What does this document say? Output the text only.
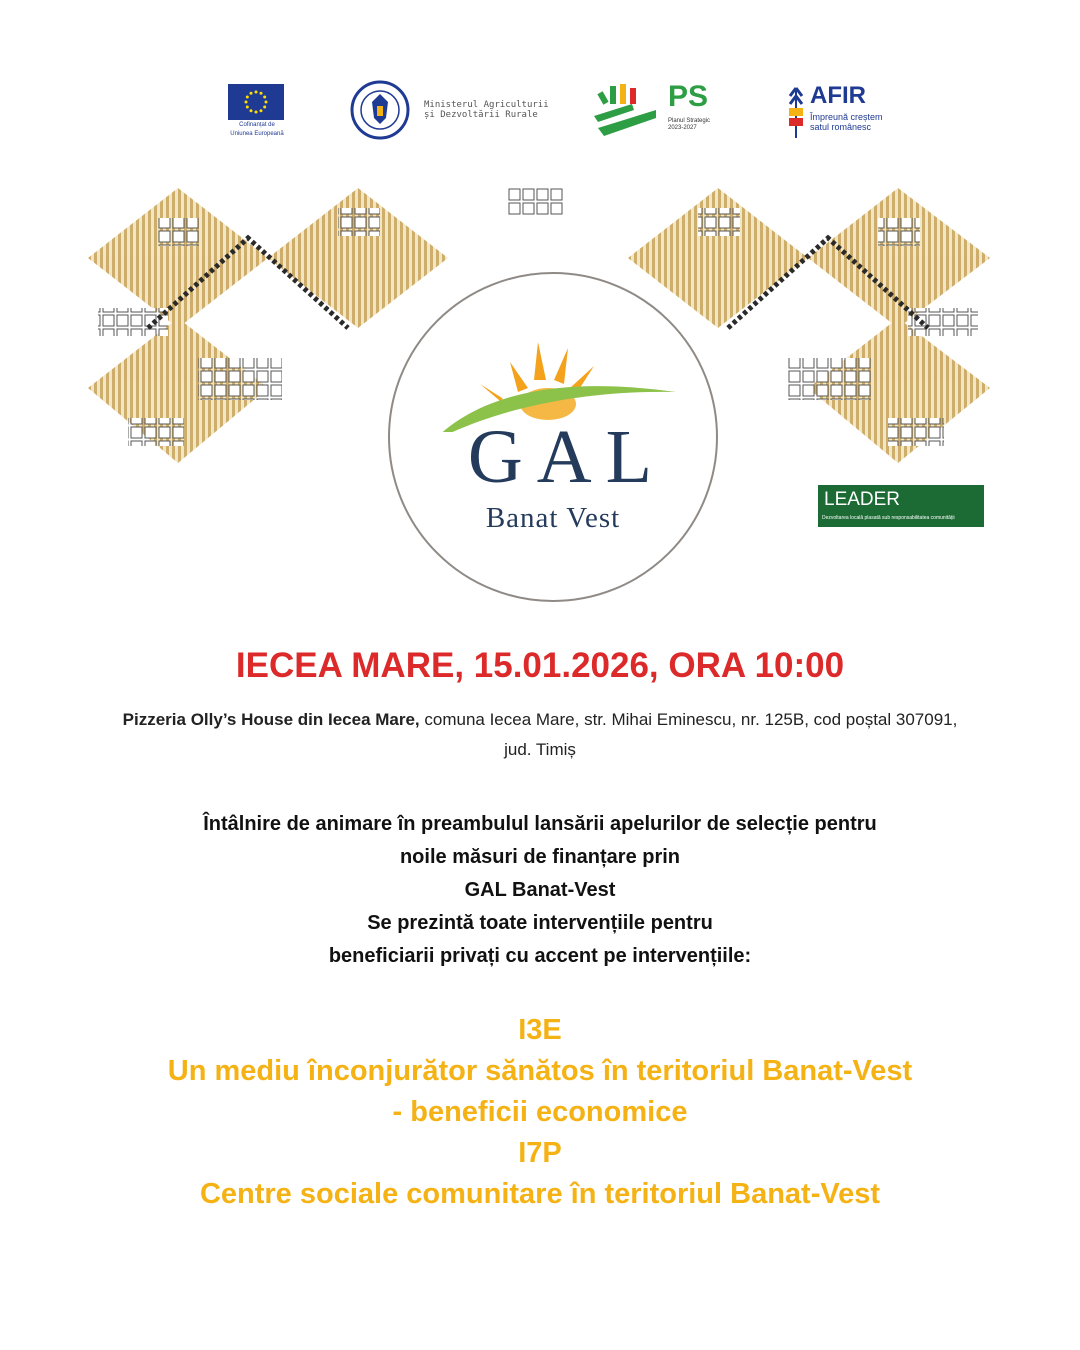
Cofinanțat de
Uniunea Europeană
Ministerul Agriculturii
și Dezvoltării Rurale
PS
Planul Strategic
2023-2027
AFIR
Împreună creștem
satul românesc
GAL
Banat Vest
LEADER
Dezvoltarea locală plasată sub responsabilitatea comunității
IECEA MARE, 15.01.2026, ORA 10:00
Pizzeria Olly’s House din Iecea Mare, comuna Iecea Mare, str. Mihai Eminescu, nr. 125B, cod poștal 307091, jud. Timiș
Întâlnire de animare în preambulul lansării apelurilor de selecție pentru
noile măsuri de finanțare prin
GAL Banat-Vest
Se prezintă toate intervențiile pentru
beneficiarii privați cu accent pe intervențiile:
I3E
Un mediu înconjurător sănătos în teritoriul Banat-Vest
- beneficii economice
I7P
Centre sociale comunitare în teritoriul Banat-Vest
